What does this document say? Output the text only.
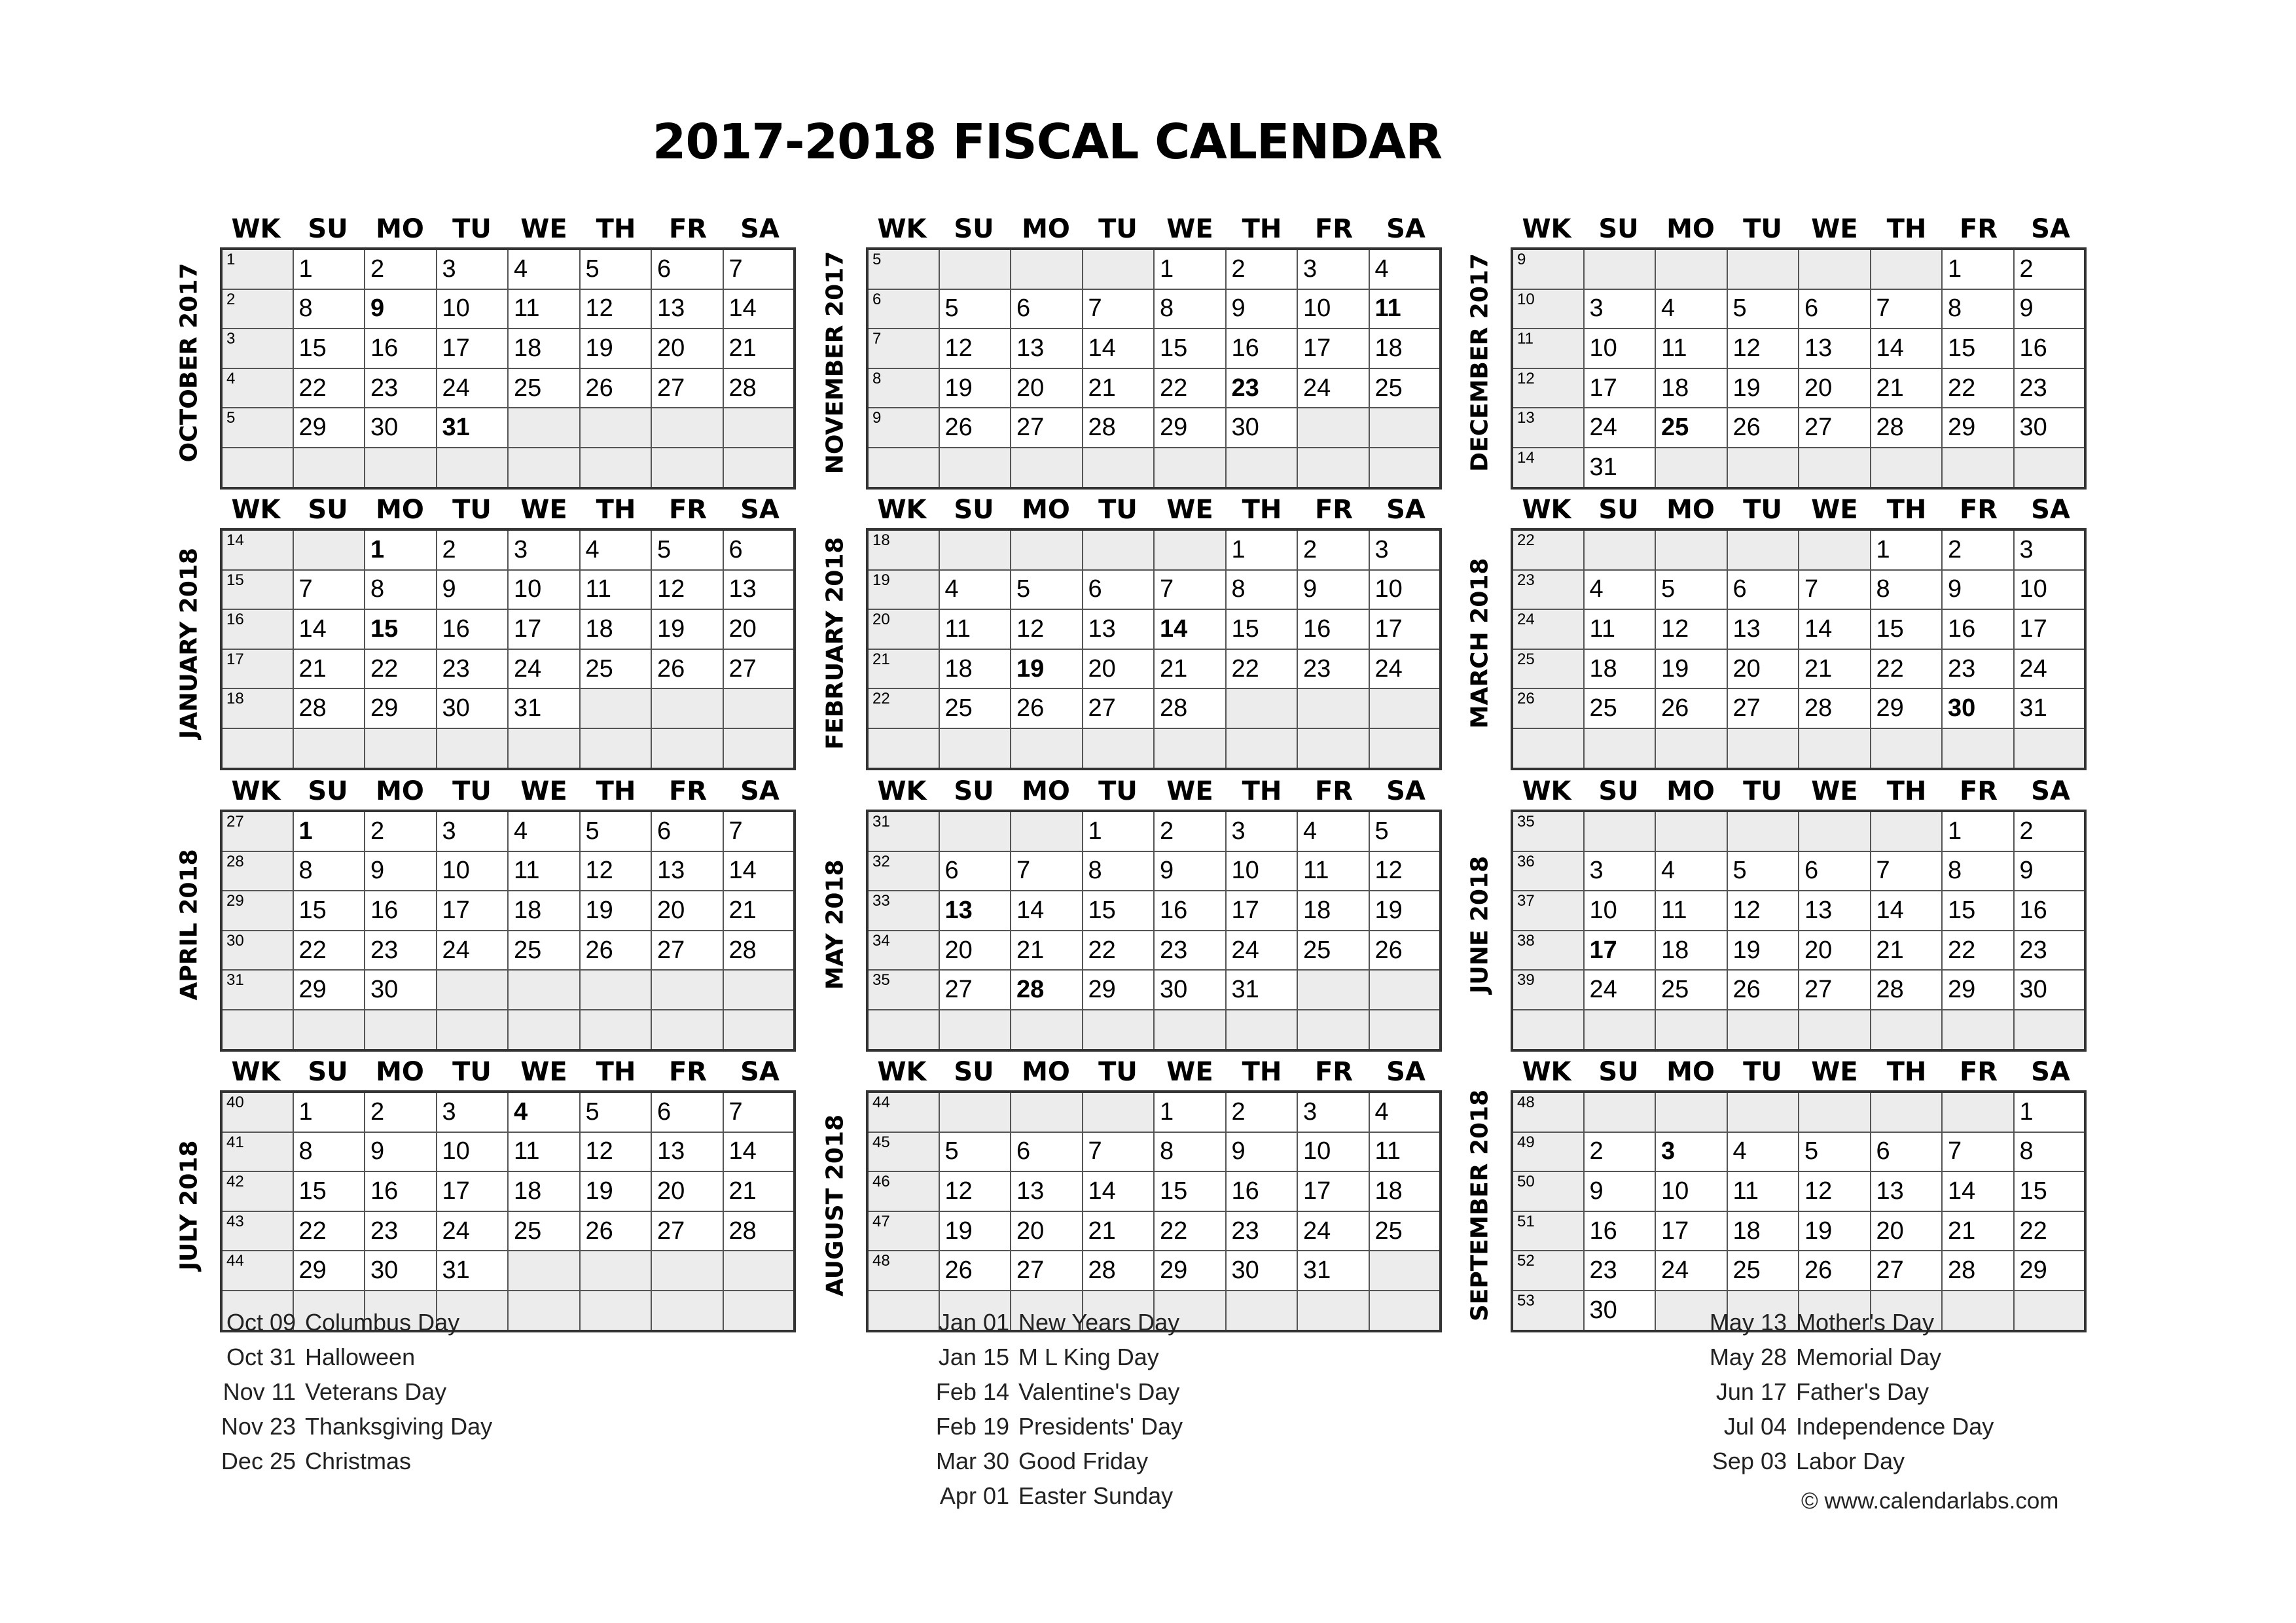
2017-2018 FISCAL CALENDAR
WK	SU	MO	TU	WE	TH	FR	SA
OCTOBER 2017
1	1	2	3	4	5	6	7

2	8	9	10	11	12	13	14

3	15	16	17	18	19	20	21

4	22	23	24	25	26	27	28

5	29	30	31				

WK	SU	MO	TU	WE	TH	FR	SA
NOVEMBER 2017 5				1	2	3	4

6	5	6	7	8	9	10	11

7	12	13	14	15	16	17	18

8	19	20	21	22	23	24	25

9	26	27	28	29	30		

WK	SU	MO	TU	WE	TH	FR	SA
DECEMBER 2017 9						1	2

10	3	4	5	6	7	8	9

11	10	11	12	13	14	15	16

12	17	18	19	20	21	22	23

13	24	25	26	27	28	29	30

14	31						
WK	SU	MO	TU	WE	TH	FR	SA
JANUARY 2018
14		1	2	3	4	5	6

15	7	8	9	10	11	12	13

16	14	15	16	17	18	19	20

17	21	22	23	24	25	26	27

18	28	29	30	31			

WK	SU	MO	TU	WE	TH	FR	SA
FEBRUARY 2018 18					1	2	3

19	4	5	6	7	8	9	10

20	11	12	13	14	15	16	17

21	18	19	20	21	22	23	24

22	25	26	27	28			

WK	SU	MO	TU	WE	TH	FR	SA
MARCH 2018
22					1	2	3

23	4	5	6	7	8	9	10

24	11	12	13	14	15	16	17

25	18	19	20	21	22	23	24

26	25	26	27	28	29	30	31

WK	SU	MO	TU	WE	TH	FR	SA
APRIL 2018
27	1	2	3	4	5	6	7

28	8	9	10	11	12	13	14

29	15	16	17	18	19	20	21

30	22	23	24	25	26	27	28

31	29	30					

WK	SU	MO	TU	WE	TH	FR	SA
MAY 2018
31			1	2	3	4	5

32	6	7	8	9	10	11	12

33	13	14	15	16	17	18	19

34	20	21	22	23	24	25	26

35	27	28	29	30	31		

WK	SU	MO	TU	WE	TH	FR	SA
JUNE 2018
35						1	2

36	3	4	5	6	7	8	9

37	10	11	12	13	14	15	16

38	17	18	19	20	21	22	23

39	24	25	26	27	28	29	30

WK	SU	MO	TU	WE	TH	FR	SA
JULY 2018
40	1	2	3	4	5	6	7

41	8	9	10	11	12	13	14

42	15	16	17	18	19	20	21

43	22	23	24	25	26	27	28

44	29	30	31				

WK	SU	MO	TU	WE	TH	FR	SA
AUGUST 2018
44				1	2	3	4

45	5	6	7	8	9	10	11

46	12	13	14	15	16	17	18

47	19	20	21	22	23	24	25

48	26	27	28	29	30	31	

WK	SU	MO	TU	WE	TH	FR	SA
SEPTEMBER 2018 48							1

49	2	3	4	5	6	7	8

50	9	10	11	12	13	14	15

51	16	17	18	19	20	21	22

52	23	24	25	26	27	28	29

53	30						
Oct 09 Columbus Day
Oct 31 Halloween
Nov 11 Veterans Day
Nov 23 Thanksgiving Day
Dec 25 Christmas
Jan 01 New Years Day
Jan 15 M L King Day
Feb 14 Valentine's Day
Feb 19 Presidents' Day
Mar 30 Good Friday
Apr 01 Easter Sunday
May 13 Mother's Day
May 28 Memorial Day
Jun 17 Father's Day
Jul 04 Independence Day
Sep 03 Labor Day
© www.calendarlabs.com
